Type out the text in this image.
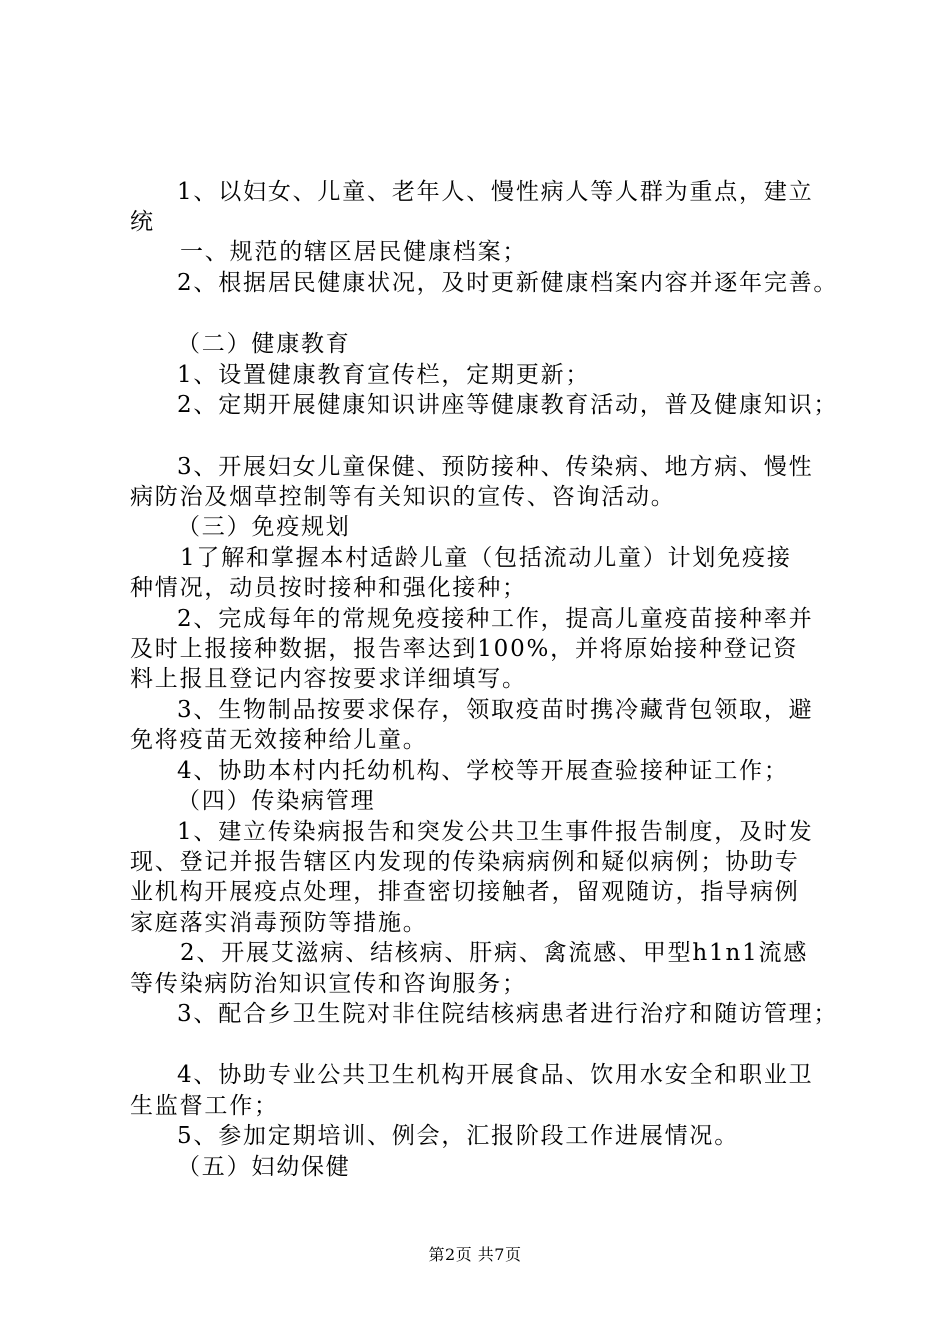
1、以妇女、儿童、老年人、慢性病人等人群为重点，建立
统
一、规范的辖区居民健康档案；
2、根据居民健康状况，及时更新健康档案内容并逐年完善。
（二）健康教育
1、设置健康教育宣传栏，定期更新；
2、定期开展健康知识讲座等健康教育活动，普及健康知识；
3、开展妇女儿童保健、预防接种、传染病、地方病、慢性
病防治及烟草控制等有关知识的宣传、咨询活动。
（三）免疫规划
1了解和掌握本村适龄儿童（包括流动儿童）计划免疫接
种情况，动员按时接种和强化接种；
2、完成每年的常规免疫接种工作，提高儿童疫苗接种率并
及时上报接种数据，报告率达到100%，并将原始接种登记资
料上报且登记内容按要求详细填写。
3、生物制品按要求保存，领取疫苗时携冷藏背包领取，避
免将疫苗无效接种给儿童。
4、协助本村内托幼机构、学校等开展查验接种证工作；
（四）传染病管理
1、建立传染病报告和突发公共卫生事件报告制度，及时发
现、登记并报告辖区内发现的传染病病例和疑似病例；协助专
业机构开展疫点处理，排查密切接触者，留观随访，指导病例
家庭落实消毒预防等措施。
2、开展艾滋病、结核病、肝病、禽流感、甲型h1n1流感
等传染病防治知识宣传和咨询服务；
3、配合乡卫生院对非住院结核病患者进行治疗和随访管理；
4、协助专业公共卫生机构开展食品、饮用水安全和职业卫
生监督工作；
5、参加定期培训、例会，汇报阶段工作进展情况。
（五）妇幼保健
第2页 共7页
